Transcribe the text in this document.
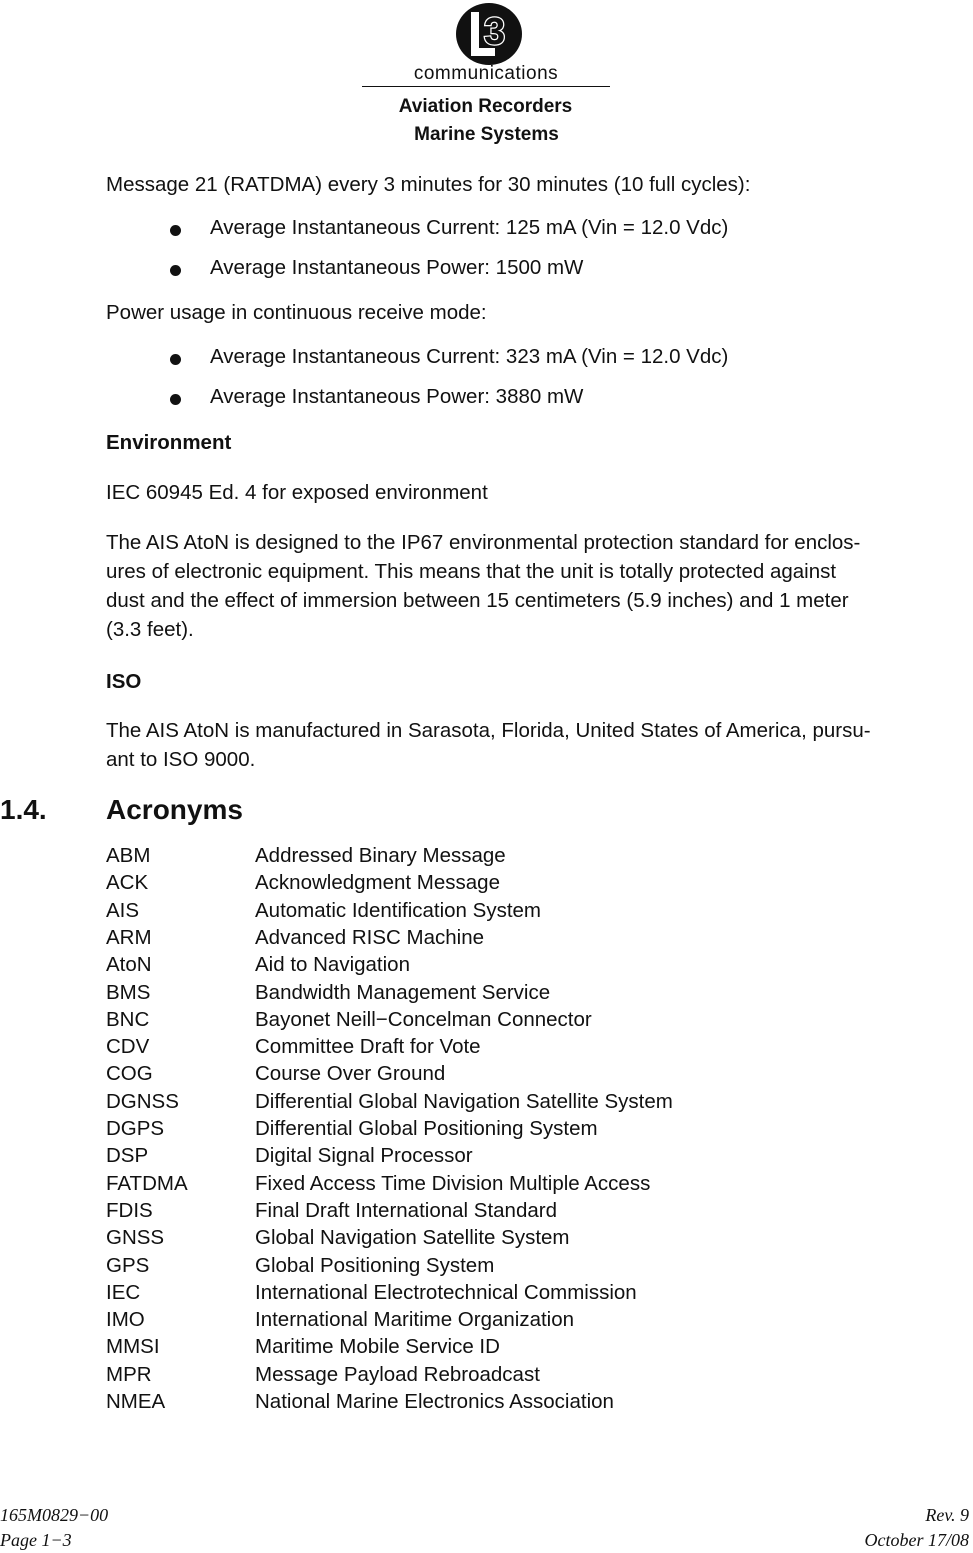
3
communications
Aviation Recorders
Marine Systems
Message 21 (RATDMA) every 3 minutes for 30 minutes (10 full cycles):
Average Instantaneous Current: 125 mA (Vin = 12.0 Vdc)
Average Instantaneous Power: 1500 mW
Power usage in continuous receive mode:
Average Instantaneous Current: 323 mA (Vin = 12.0 Vdc)
Average Instantaneous Power: 3880 mW
Environment
IEC 60945 Ed. 4 for exposed environment
The AIS AtoN is designed to the IP67 environmental protection standard for enclos-
ures of electronic equipment. This means that the unit is totally protected against
dust and the effect of immersion between 15 centimeters (5.9 inches) and 1 meter
(3.3 feet).
ISO
The AIS AtoN is manufactured in Sarasota, Florida, United States of America, pursu-
ant to ISO 9000.
1.4. Acronyms
ABM	Addressed Binary Message
ACK	Acknowledgment Message
AIS	Automatic Identification System
ARM	Advanced RISC Machine
AtoN	Aid to Navigation
BMS	Bandwidth Management Service
BNC	Bayonet Neill−Concelman Connector
CDV	Committee Draft for Vote
COG	Course Over Ground
DGNSS	Differential Global Navigation Satellite System
DGPS	Differential Global Positioning System
DSP	Digital Signal Processor
FATDMA	Fixed Access Time Division Multiple Access
FDIS	Final Draft International Standard
GNSS	Global Navigation Satellite System
GPS	Global Positioning System
IEC	International Electrotechnical Commission
IMO	International Maritime Organization
MMSI	Maritime Mobile Service ID
MPR	Message Payload Rebroadcast
NMEA	National Marine Electronics Association
165M0829−00
Page 1−3
Rev. 9
October 17/08
